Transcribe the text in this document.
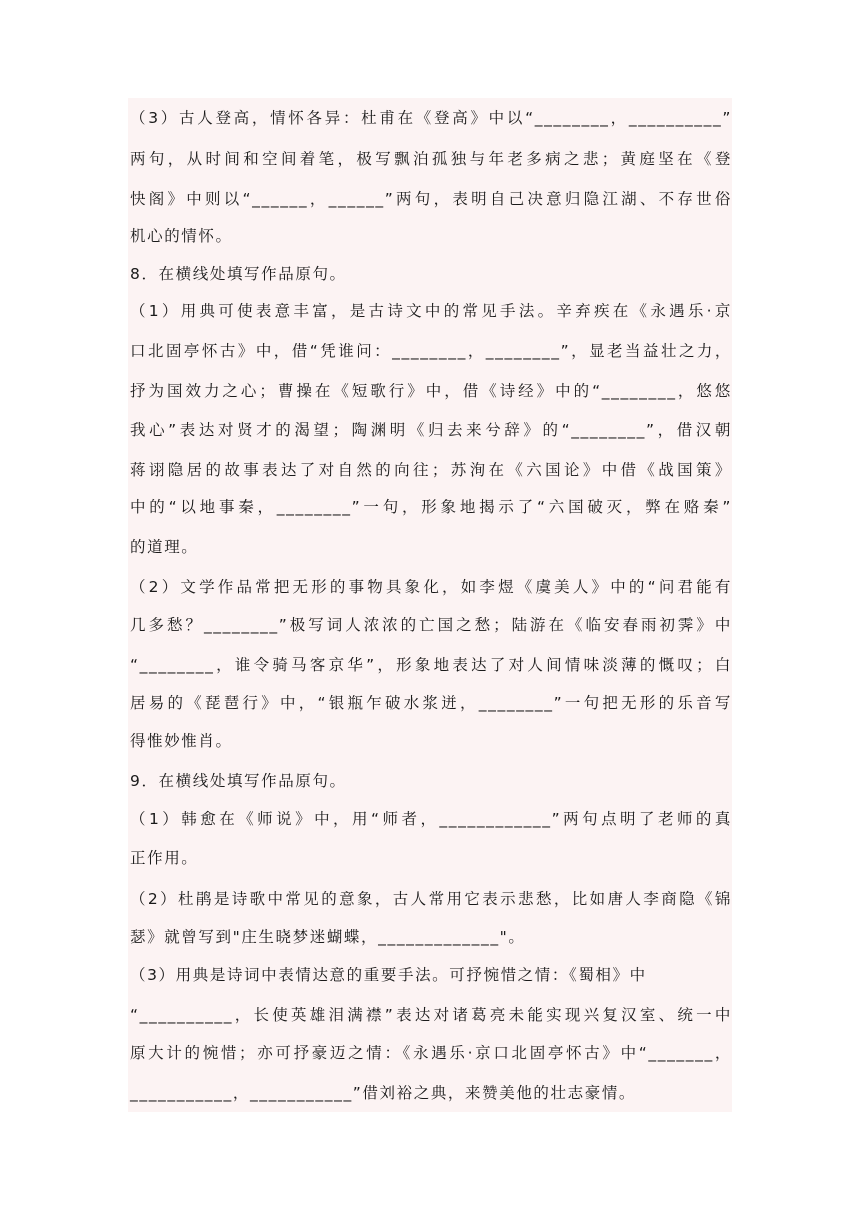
（3）古人登高，情怀各异：杜甫在《登高》中以“________，__________”
两句，从时间和空间着笔，极写飘泊孤独与年老多病之悲；黄庭坚在《登
快阁》中则以“______，______”两句，表明自己决意归隐江湖、不存世俗
机心的情怀。
8．在横线处填写作品原句。
（1）用典可使表意丰富，是古诗文中的常见手法。辛弃疾在《永遇乐·京
口北固亭怀古》中，借“凭谁问：________，________”，显老当益壮之力，
抒为国效力之心；曹操在《短歌行》中，借《诗经》中的“________，悠悠
我心”表达对贤才的渴望；陶渊明《归去来兮辞》的“________”，借汉朝
蒋诩隐居的故事表达了对自然的向往；苏洵在《六国论》中借《战国策》
中的“以地事秦，________”一句，形象地揭示了“六国破灭，弊在赂秦”
的道理。
（2）文学作品常把无形的事物具象化，如李煜《虞美人》中的“问君能有
几多愁？________”极写词人浓浓的亡国之愁；陆游在《临安春雨初霁》中
“________，谁令骑马客京华”，形象地表达了对人间情味淡薄的慨叹；白
居易的《琵琶行》中，“银瓶乍破水浆迸，________”一句把无形的乐音写
得惟妙惟肖。
9．在横线处填写作品原句。
（1）韩愈在《师说》中，用“师者，____________”两句点明了老师的真
正作用。
（2）杜鹃是诗歌中常见的意象，古人常用它表示悲愁，比如唐人李商隐《锦
瑟》就曾写到"庄生晓梦迷蝴蝶，_____________"。
（3）用典是诗词中表情达意的重要手法。可抒惋惜之情：《蜀相》中
“__________，长使英雄泪满襟”表达对诸葛亮未能实现兴复汉室、统一中
原大计的惋惜；亦可抒豪迈之情：《永遇乐·京口北固亭怀古》中“_______，
___________，___________”借刘裕之典，来赞美他的壮志豪情。
